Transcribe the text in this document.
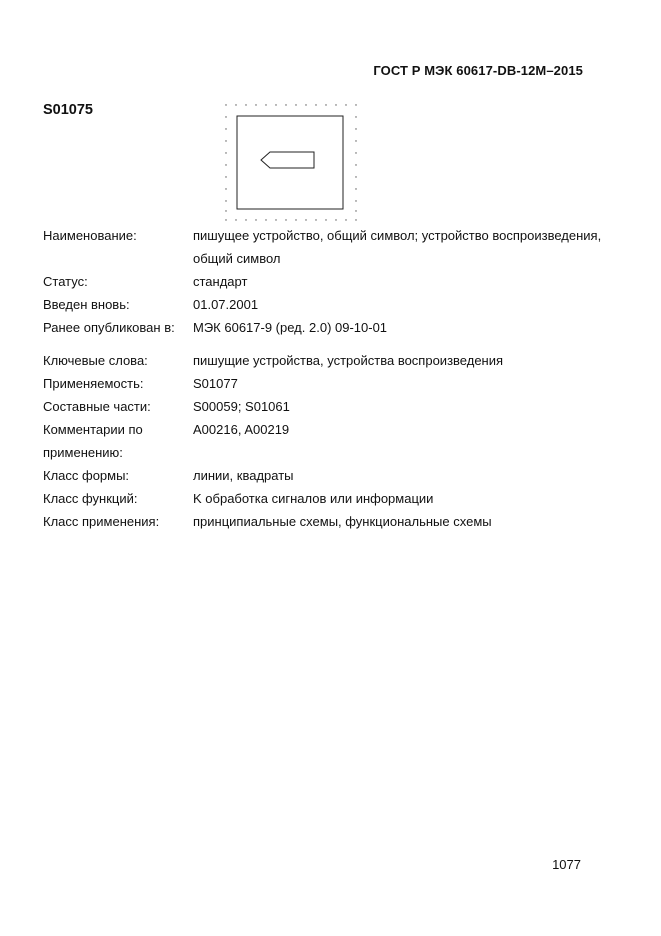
ГОСТ Р МЭК 60617-DB-12M–2015
S01075
Наименование:	пишущее устройство, общий символ; устройство воспроизведения, общий символ
Статус:	стандарт
Введен вновь:	01.07.2001
Ранее опубликован в:	МЭК 60617-9 (ред. 2.0) 09-10-01
Ключевые слова:	пишущие устройства, устройства воспроизведения
Применяемость:	S01077
Составные части:	S00059; S01061
Комментарии по применению:
A00216, A00219
Класс формы:	линии, квадраты
Класс функций:	K обработка сигналов или информации
Класс применения:	принципиальные схемы, функциональные схемы
1077
